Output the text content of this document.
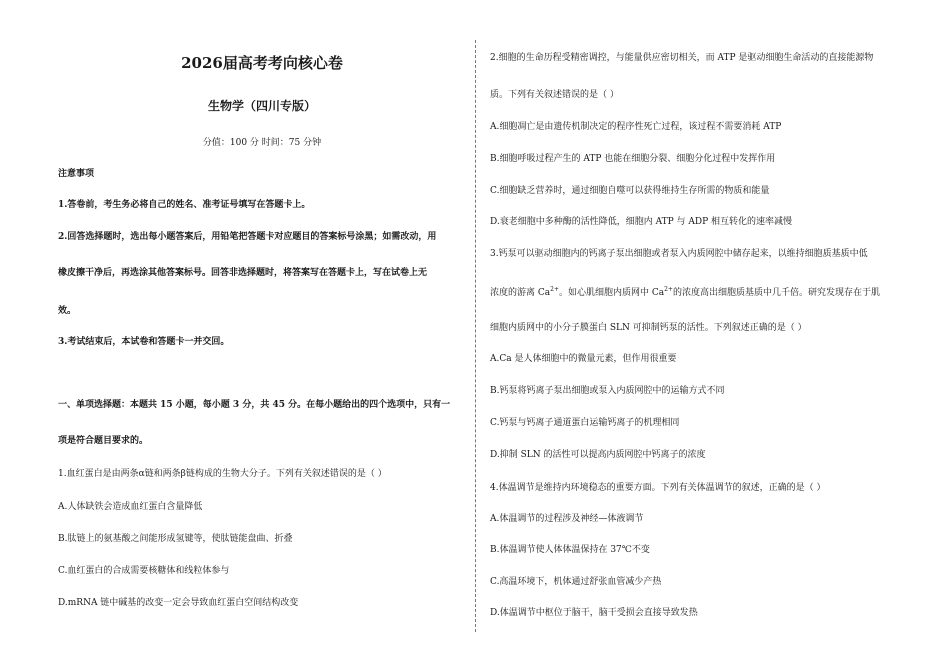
2026届高考考向核心卷
生物学（四川专版）
分值：100 分 时间：75 分钟
注意事项
1.答卷前，考生务必将自己的姓名、准考证号填写在答题卡上。
2.回答选择题时，选出每小题答案后，用铅笔把答题卡对应题目的答案标号涂黑；如需改动，用
橡皮擦干净后，再选涂其他答案标号。回答非选择题时，将答案写在答题卡上，写在试卷上无
效。
3.考试结束后，本试卷和答题卡一并交回。
一、单项选择题：本题共 15 小题，每小题 3 分，共 45 分。在每小题给出的四个选项中，只有一
项是符合题目要求的。
1.血红蛋白是由两条α链和两条β链构成的生物大分子。下列有关叙述错误的是（ ）
A.人体缺铁会造成血红蛋白含量降低
B.肽链上的氨基酸之间能形成氢键等，使肽链能盘曲、折叠
C.血红蛋白的合成需要核糖体和线粒体参与
D.mRNA 链中碱基的改变一定会导致血红蛋白空间结构改变
2.细胞的生命历程受精密调控，与能量供应密切相关，而 ATP 是驱动细胞生命活动的直接能源物
质。下列有关叙述错误的是（ ）
A.细胞凋亡是由遗传机制决定的程序性死亡过程，该过程不需要消耗 ATP
B.细胞呼吸过程产生的 ATP 也能在细胞分裂、细胞分化过程中发挥作用
C.细胞缺乏营养时，通过细胞自噬可以获得维持生存所需的物质和能量
D.衰老细胞中多种酶的活性降低，细胞内 ATP 与 ADP 相互转化的速率减慢
3.钙泵可以驱动细胞内的钙离子泵出细胞或者泵入内质网腔中储存起来，以维持细胞质基质中低
浓度的游离 $Ca^{2+}$。如心肌细胞内质网中 $Ca^{2+}$的浓度高出细胞质基质中几千倍。研究发现存在于肌
细胞内质网中的小分子膜蛋白 SLN 可抑制钙泵的活性。下列叙述正确的是（ ）
A.Ca 是人体细胞中的微量元素，但作用很重要
B.钙泵将钙离子泵出细胞或泵入内质网腔中的运输方式不同
C.钙泵与钙离子通道蛋白运输钙离子的机理相同
D.抑制 SLN 的活性可以提高内质网腔中钙离子的浓度
4.体温调节是维持内环境稳态的重要方面。下列有关体温调节的叙述，正确的是（ ）
A.体温调节的过程涉及神经—体液调节
B.体温调节使人体体温保持在 37℃不变
C.高温环境下，机体通过舒张血管减少产热
D.体温调节中枢位于脑干，脑干受损会直接导致发热
